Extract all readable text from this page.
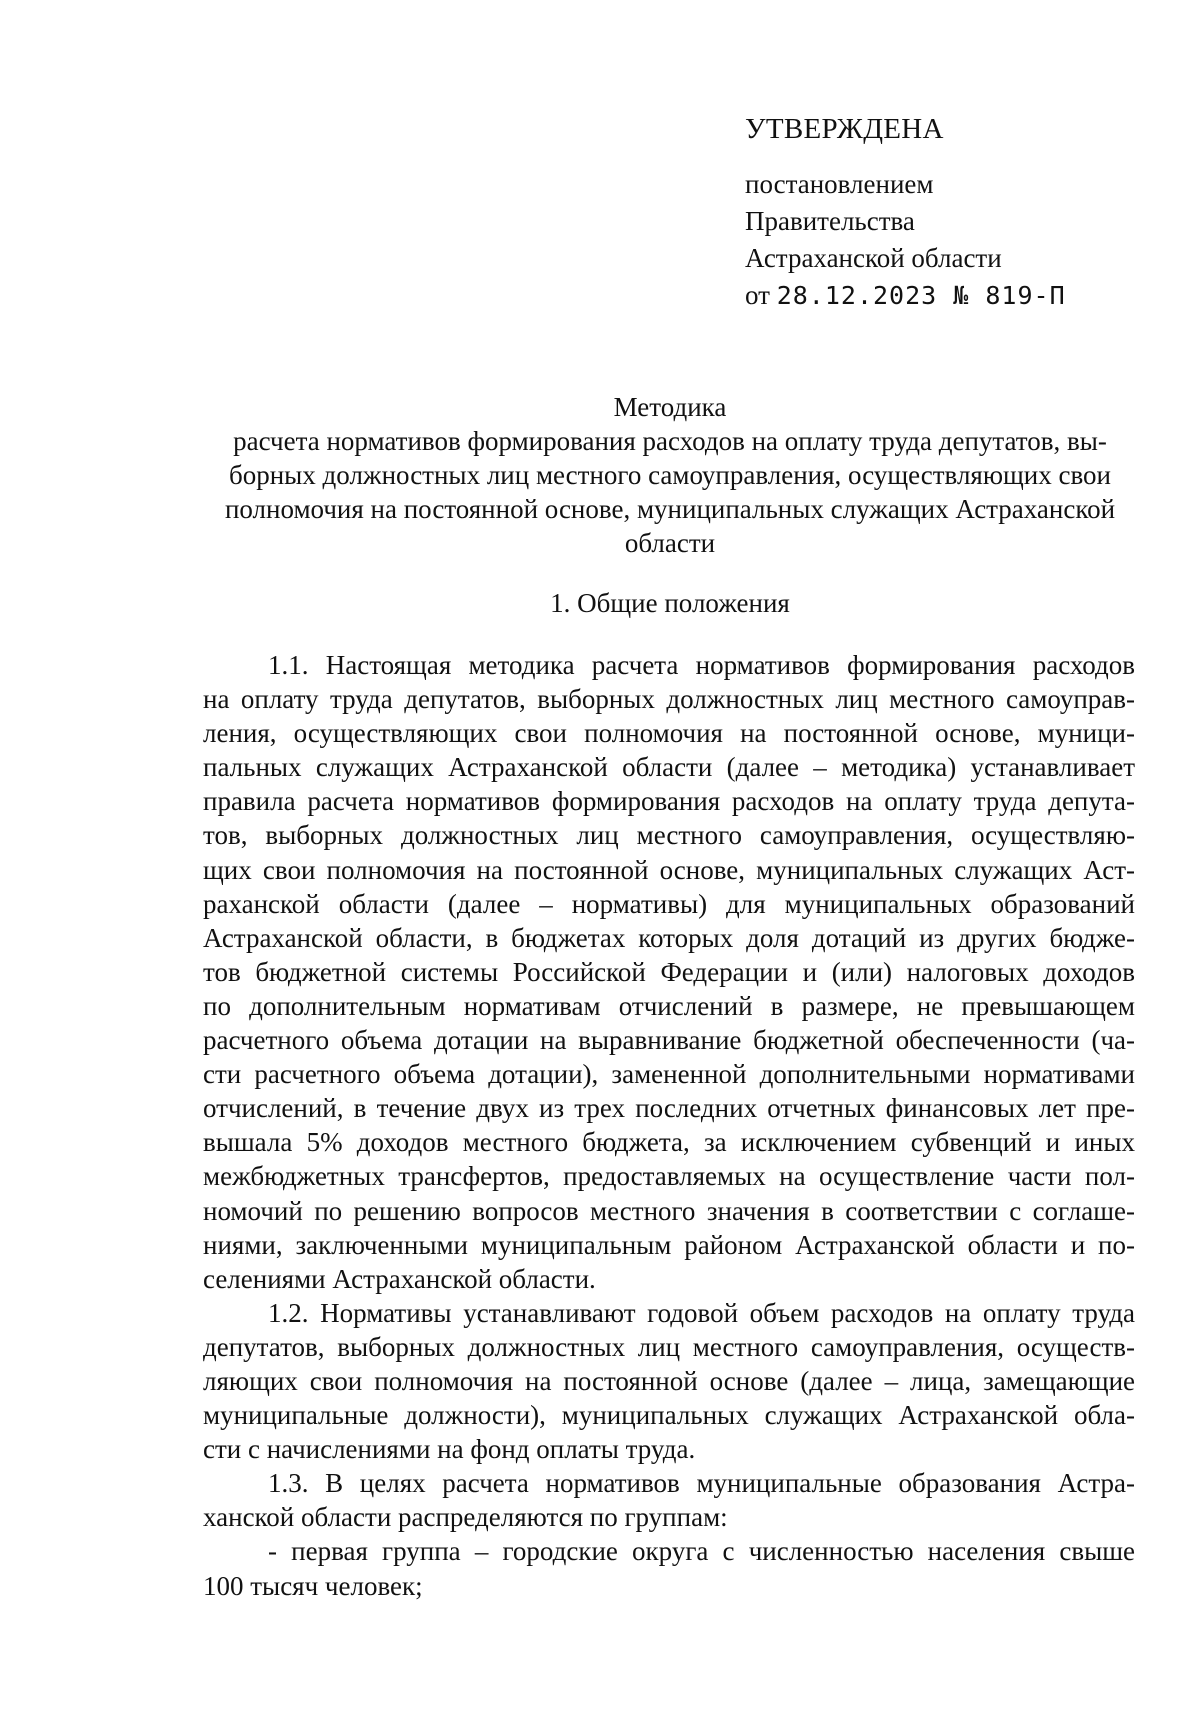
УТВЕРЖДЕНА
постановлением
Правительства
Астраханской области
от 28.12.2023 № 819-П
Методика
расчета нормативов формирования расходов на оплату труда депутатов, вы-
борных должностных лиц местного самоуправления, осуществляющих свои
полномочия на постоянной основе, муниципальных служащих Астраханской
области
1. Общие положения
1.1. Настоящая методика расчета нормативов формирования расходов
на оплату труда депутатов, выборных должностных лиц местного самоуправ-
ления, осуществляющих свои полномочия на постоянной основе, муници-
пальных служащих Астраханской области (далее – методика) устанавливает
правила расчета нормативов формирования расходов на оплату труда депута-
тов, выборных должностных лиц местного самоуправления, осуществляю-
щих свои полномочия на постоянной основе, муниципальных служащих Аст-
раханской области (далее – нормативы) для муниципальных образований
Астраханской области, в бюджетах которых доля дотаций из других бюдже-
тов бюджетной системы Российской Федерации и (или) налоговых доходов
по дополнительным нормативам отчислений в размере, не превышающем
расчетного объема дотации на выравнивание бюджетной обеспеченности (ча-
сти расчетного объема дотации), замененной дополнительными нормативами
отчислений, в течение двух из трех последних отчетных финансовых лет пре-
вышала 5% доходов местного бюджета, за исключением субвенций и иных
межбюджетных трансфертов, предоставляемых на осуществление части пол-
номочий по решению вопросов местного значения в соответствии с соглаше-
ниями, заключенными муниципальным районом Астраханской области и по-
селениями Астраханской области.
1.2. Нормативы устанавливают годовой объем расходов на оплату труда
депутатов, выборных должностных лиц местного самоуправления, осуществ-
ляющих свои полномочия на постоянной основе (далее – лица, замещающие
муниципальные должности), муниципальных служащих Астраханской обла-
сти с начислениями на фонд оплаты труда.
1.3. В целях расчета нормативов муниципальные образования Астра-
ханской области распределяются по группам:
- первая группа – городские округа с численностью населения свыше
100 тысяч человек;
